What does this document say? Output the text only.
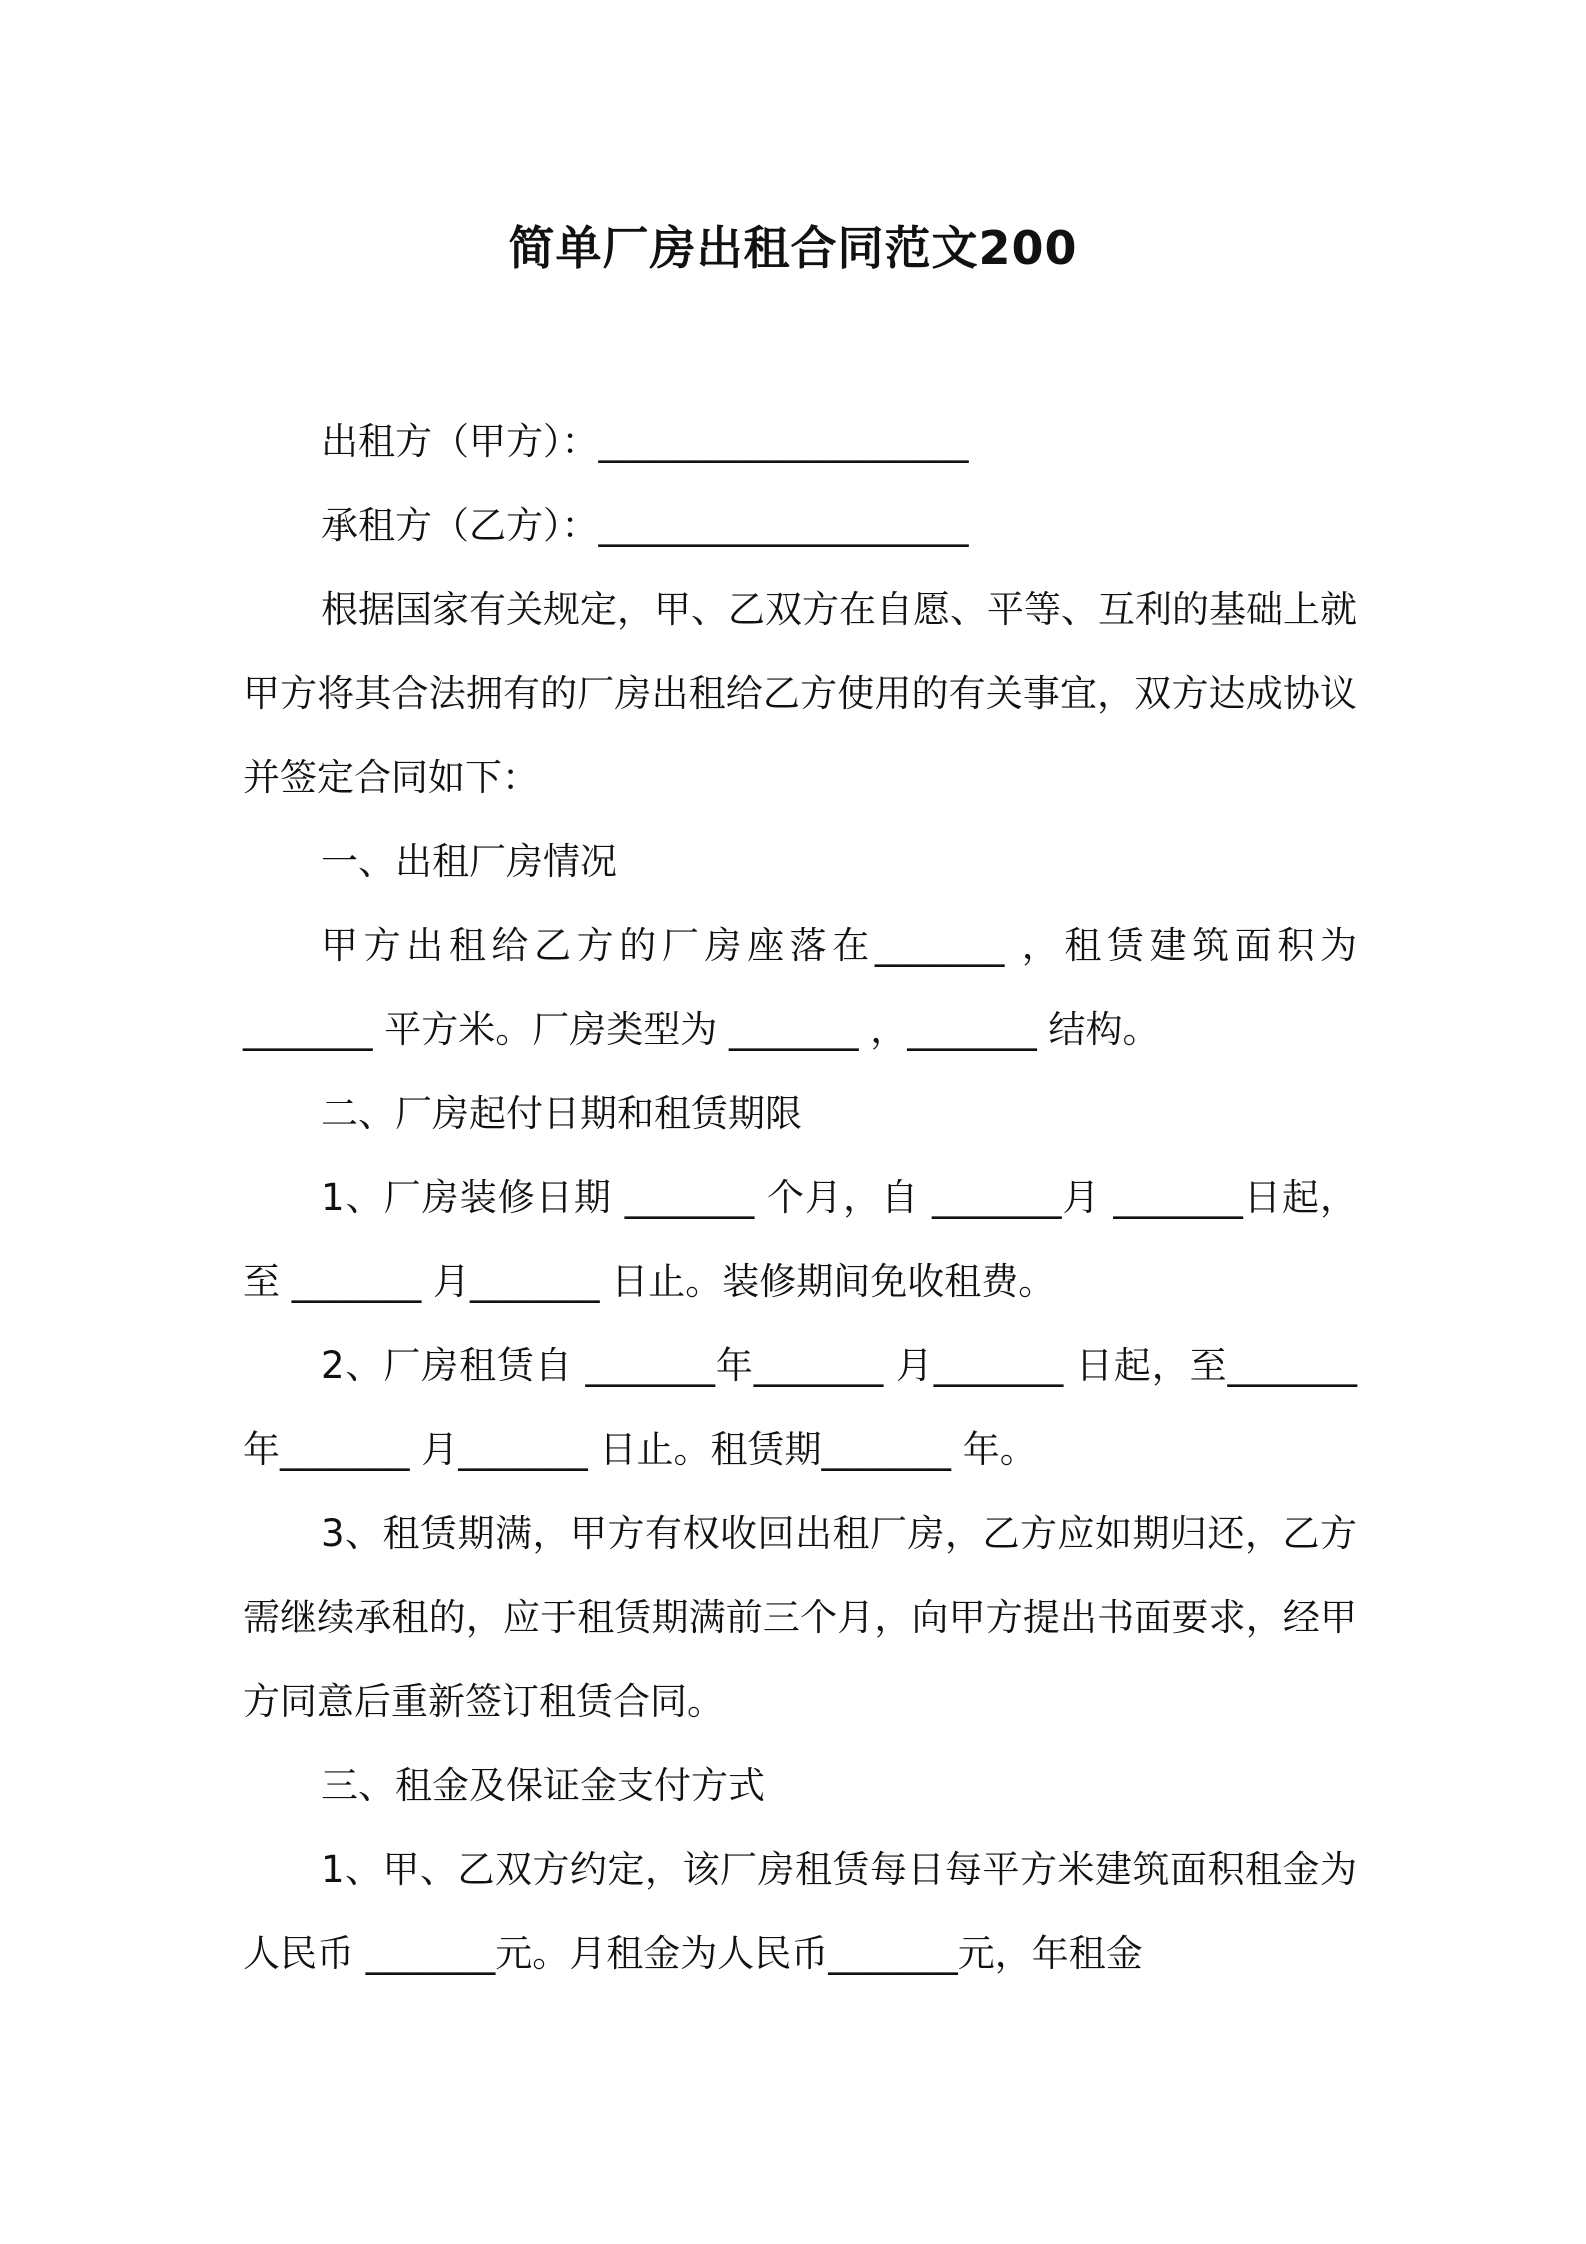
简单厂房出租合同范文200

出租方（甲方）：____________________

承租方（乙方）：____________________

根据国家有关规定，甲、乙双方在自愿、平等、互利的基础上就甲方将其合法拥有的厂房出租给乙方使用的有关事宜，双方达成协议并签定合同如下：

一、出租厂房情况

甲方出租给乙方的厂房座落在_______ ，租赁建筑面积为_______ 平方米。厂房类型为 _______ ，_______ 结构。

二、厂房起付日期和租赁期限

1、厂房装修日期 _______ 个月，自 _______月 _______日起，至 _______ 月_______ 日止。装修期间免收租费。

2、厂房租赁自 _______年_______ 月_______ 日起，至_______ 年_______ 月_______ 日止。租赁期_______ 年。

3、租赁期满，甲方有权收回出租厂房，乙方应如期归还，乙方需继续承租的，应于租赁期满前三个月，向甲方提出书面要求，经甲方同意后重新签订租赁合同。

三、租金及保证金支付方式

1、甲、乙双方约定，该厂房租赁每日每平方米建筑面积租金为人民币 _______元。月租金为人民币_______元，年租金
